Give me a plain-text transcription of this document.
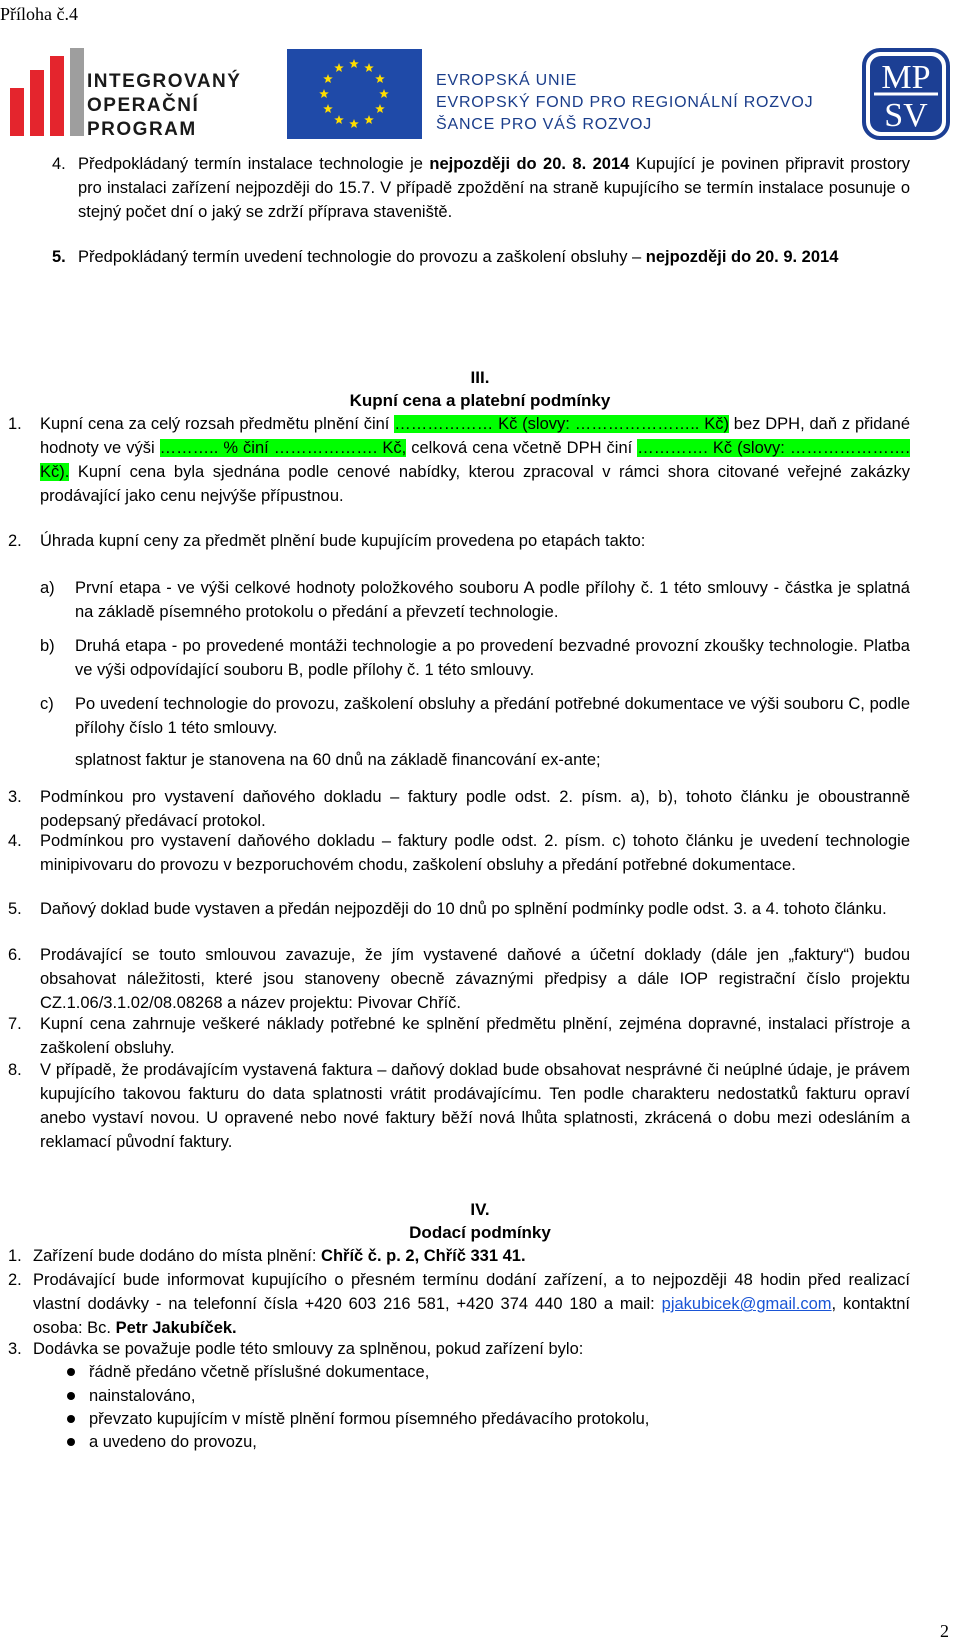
Příloha č.4
INTEGROVANÝ
OPERAČNÍ
PROGRAM
EVROPSKÁ UNIE
EVROPSKÝ FOND PRO REGIONÁLNÍ ROZVOJ
ŠANCE PRO VÁŠ ROZVOJ
MP
SV
4. Předpokládaný termín instalace technologie je nejpozději do 20. 8. 2014 Kupující je povinen připravit prostory pro instalaci zařízení nejpozději do 15.7. V případě zpoždění na straně kupujícího se termín instalace posunuje o stejný počet dní o jaký se zdrží příprava staveniště.
5. Předpokládaný termín uvedení technologie do provozu a zaškolení obsluhy – nejpozději do 20. 9. 2014
III.
Kupní cena a platební podmínky
1. Kupní cena za celý rozsah předmětu plnění činí ……………… Kč (slovy: ………………….. Kč) bez DPH, daň z přidané hodnoty ve výši ……….. % činí ………………. Kč, celková cena včetně DPH činí …………. Kč (slovy: …………………. Kč). Kupní cena byla sjednána podle cenové nabídky, kterou zpracoval v rámci shora citované veřejné zakázky prodávající jako cenu nejvýše přípustnou.
2. Úhrada kupní ceny za předmět plnění bude kupujícím provedena po etapách takto:
a) První etapa - ve výši celkové hodnoty položkového souboru A podle přílohy č. 1 této smlouvy - částka je splatná na základě písemného protokolu o předání a převzetí technologie.
b) Druhá etapa - po provedené montáži technologie a po provedení bezvadné provozní zkoušky technologie. Platba ve výši odpovídající souboru B, podle přílohy č. 1 této smlouvy.
c) Po uvedení technologie do provozu, zaškolení obsluhy a předání potřebné dokumentace ve výši souboru C, podle přílohy číslo 1 této smlouvy.
splatnost faktur je stanovena na 60 dnů na základě financování ex-ante;
3. Podmínkou pro vystavení daňového dokladu – faktury podle odst. 2. písm. a), b), tohoto článku je oboustranně podepsaný předávací protokol.
4. Podmínkou pro vystavení daňového dokladu – faktury podle odst. 2. písm. c) tohoto článku je uvedení technologie minipivovaru do provozu v bezporuchovém chodu, zaškolení obsluhy a předání potřebné dokumentace.
5. Daňový doklad bude vystaven a předán nejpozději do 10 dnů po splnění podmínky podle odst. 3. a 4. tohoto článku.
6. Prodávající se touto smlouvou zavazuje, že jím vystavené daňové a účetní doklady (dále jen „faktury“) budou obsahovat náležitosti, které jsou stanoveny obecně závaznými předpisy a dále IOP registrační číslo projektu CZ.1.06/3.1.02/08.08268 a název projektu: Pivovar Chříč.
7. Kupní cena zahrnuje veškeré náklady potřebné ke splnění předmětu plnění, zejména dopravné, instalaci přístroje a zaškolení obsluhy.
8. V případě, že prodávajícím vystavená faktura – daňový doklad bude obsahovat nesprávné či neúplné údaje, je právem kupujícího takovou fakturu do data splatnosti vrátit prodávajícímu. Ten podle charakteru nedostatků fakturu opraví anebo vystaví novou. U opravené nebo nové faktury běží nová lhůta splatnosti, zkrácená o dobu mezi odesláním a reklamací původní faktury.
IV.
Dodací podmínky
1. Zařízení bude dodáno do místa plnění: Chříč č. p. 2, Chříč 331 41.
2. Prodávající bude informovat kupujícího o přesném termínu dodání zařízení, a to nejpozději 48 hodin před realizací vlastní dodávky - na telefonní čísla +420 603 216 581, +420 374 440 180 a mail: pjakubicek@gmail.com, kontaktní osoba: Bc. Petr Jakubíček.
3. Dodávka se považuje podle této smlouvy za splněnou, pokud zařízení bylo:
řádně předáno včetně příslušné dokumentace,
nainstalováno,
převzato kupujícím v místě plnění formou písemného předávacího protokolu,
a uvedeno do provozu,
2
